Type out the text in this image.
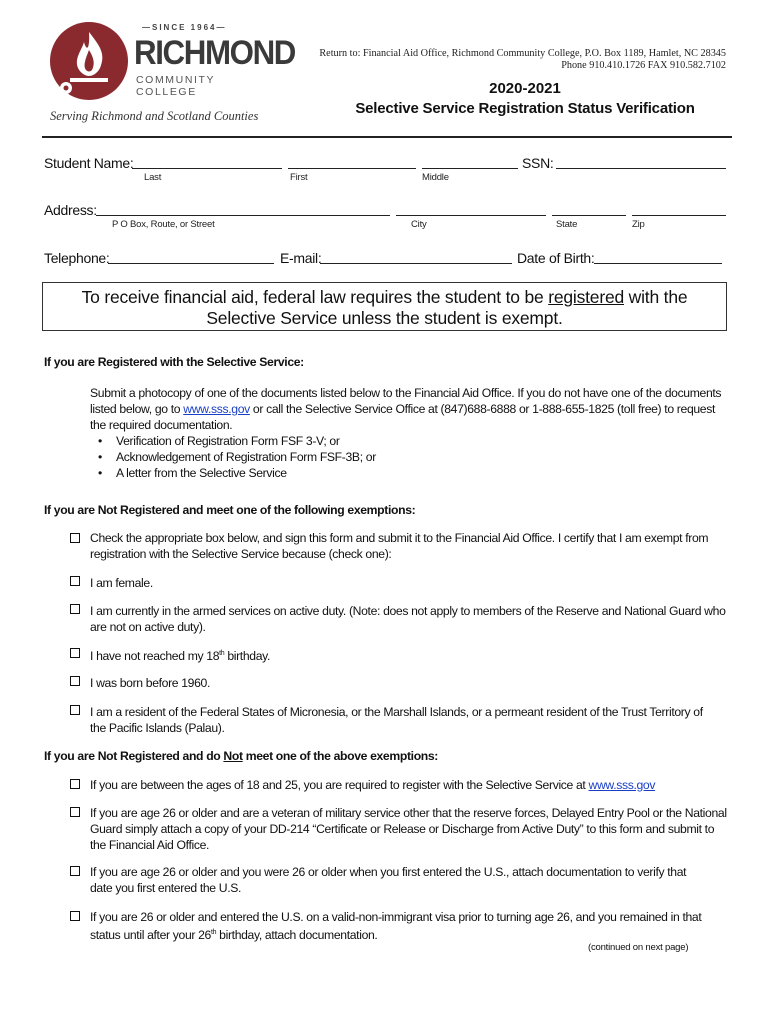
—SINCE 1964—
RICHMOND
COMMUNITY COLLEGE
Serving Richmond and Scotland Counties
Return to: Financial Aid Office, Richmond Community College, P.O. Box 1189, Hamlet, NC 28345
Phone 910.410.1726 FAX 910.582.7102
2020-2021
Selective Service Registration Status Verification
Student Name:	SSN:
Last	First	Middle
Address:
P O Box, Route, or Street	City	State	Zip
Telephone:	E-mail:	Date of Birth:
To receive financial aid, federal law requires the student to be registered with the
Selective Service unless the student is exempt.
If you are Registered with the Selective Service:
Submit a photocopy of one of the documents listed below to the Financial Aid Office. If you do not have one of the documents listed below, go to www.sss.gov or call the Selective Service Office at (847)688-6888 or 1-888-655-1825 (toll free) to request the required documentation.
• Verification of Registration Form FSF 3-V; or
• Acknowledgement of Registration Form FSF-3B; or
• A letter from the Selective Service
If you are Not Registered and meet one of the following exemptions:
Check the appropriate box below, and sign this form and submit it to the Financial Aid Office. I certify that I am exempt from registration with the Selective Service because (check one):
I am female.
I am currently in the armed services on active duty. (Note: does not apply to members of the Reserve and National Guard who are not on active duty).
I have not reached my 18th birthday.
I was born before 1960.
I am a resident of the Federal States of Micronesia, or the Marshall Islands, or a permeant resident of the Trust Territory of the Pacific Islands (Palau).
If you are Not Registered and do Not meet one of the above exemptions:
If you are between the ages of 18 and 25, you are required to register with the Selective Service at www.sss.gov
If you are age 26 or older and are a veteran of military service other that the reserve forces, Delayed Entry Pool or the National Guard simply attach a copy of your DD-214 “Certificate or Release or Discharge from Active Duty” to this form and submit to the Financial Aid Office.
If you are age 26 or older and you were 26 or older when you first entered the U.S., attach documentation to verify that date you first entered the U.S.
If you are 26 or older and entered the U.S. on a valid-non-immigrant visa prior to turning age 26, and you remained in that status until after your 26th birthday, attach documentation.
(continued on next page)
